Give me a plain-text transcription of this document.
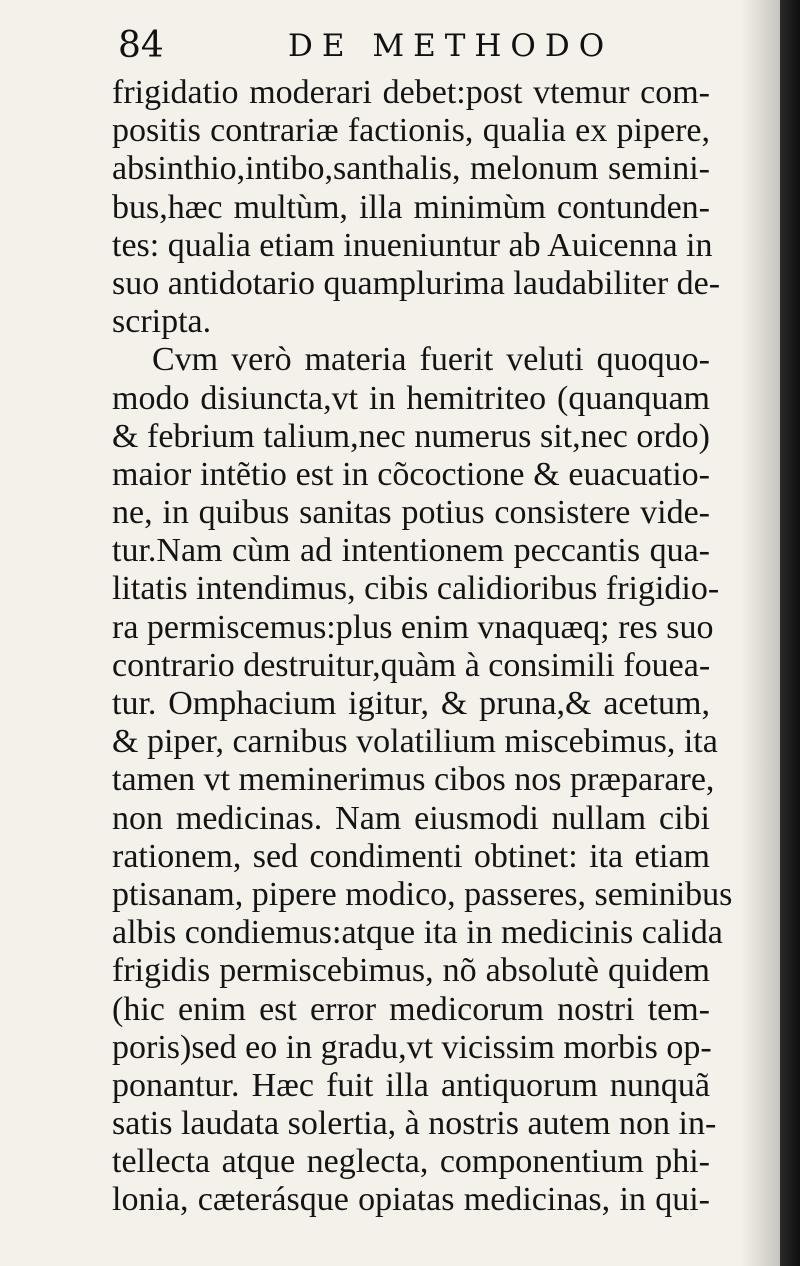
84	DE METHODO
frigidatio moderari debet:post vtemur com-
positis contrariæ factionis, qualia ex pipere,
absinthio,intibo,santhalis, melonum semini-
bus,hæc multùm, illa minimùm contunden-
tes: qualia etiam inueniuntur ab Auicenna in
suo antidotario quamplurima laudabiliter de-
scripta.
Cvm verò materia fuerit veluti quoquo-
modo disiuncta,vt in hemitriteo (quanquam
& febrium talium,nec numerus sit,nec ordo)
maior intẽtio est in cõcoctione & euacuatio-
ne, in quibus sanitas potius consistere vide-
tur.Nam cùm ad intentionem peccantis qua-
litatis intendimus, cibis calidioribus frigidio-
ra permiscemus:plus enim vnaquæq; res suo
contrario destruitur,quàm à consimili fouea-
tur. Omphacium igitur, & pruna,& acetum,
& piper, carnibus volatilium miscebimus, ita
tamen vt meminerimus cibos nos præparare,
non medicinas. Nam eiusmodi nullam cibi
rationem, sed condimenti obtinet: ita etiam
ptisanam, pipere modico, passeres, seminibus
albis condiemus:atque ita in medicinis calida
frigidis permiscebimus, nõ absolutè quidem
(hic enim est error medicorum nostri tem-
poris)sed eo in gradu,vt vicissim morbis op-
ponantur. Hæc fuit illa antiquorum nunquã
satis laudata solertia, à nostris autem non in-
tellecta atque neglecta, componentium phi-
lonia, cæterásque opiatas medicinas, in qui-
